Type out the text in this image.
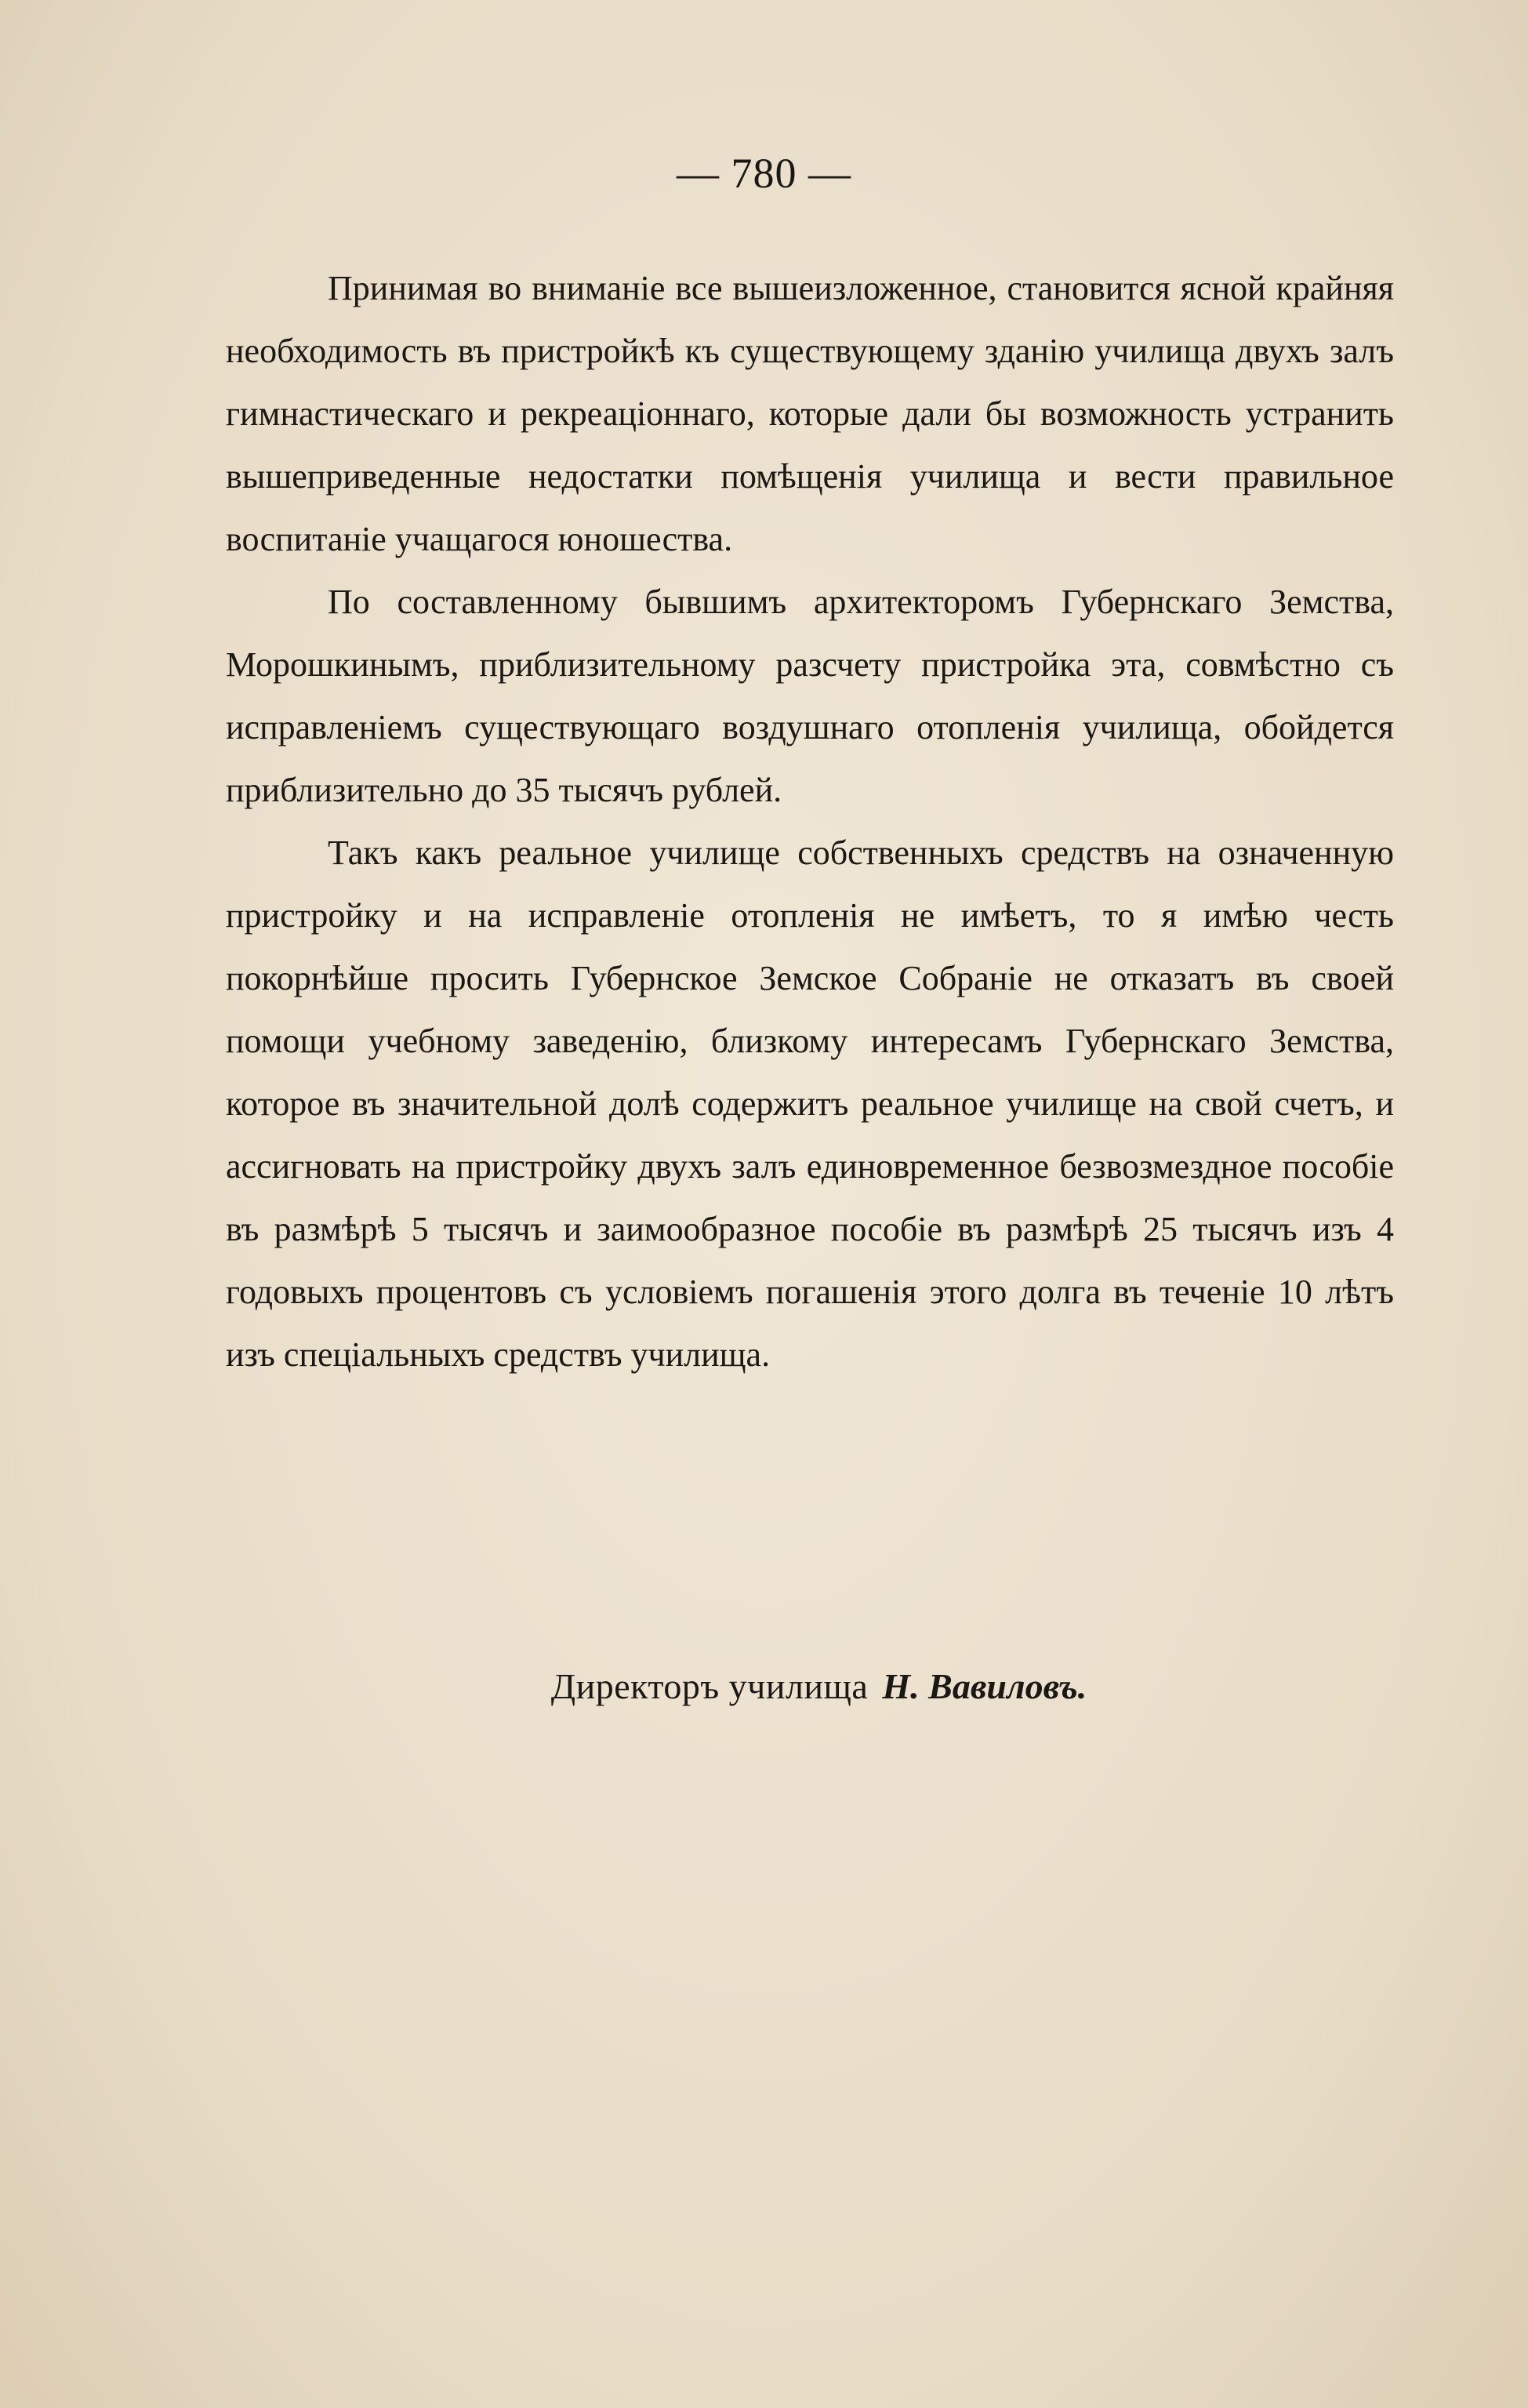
— 780 —

Принимая во вниманіе все вышеизложенное, становится ясной крайняя необходимость въ пристройкѣ къ существующему зданію училища двухъ залъ гимнастическаго и рекреаціоннаго, которые дали бы возможность устранить вышеприведенные недостатки помѣщенія училища и вести правильное воспитаніе учащагося юношества.

По составленному бывшимъ архитекторомъ Губернскаго Земства, Морошкинымъ, приблизительному разсчету пристройка эта, совмѣстно съ исправленіемъ существующаго воздушнаго отопленія училища, обойдется приблизительно до 35 тысячъ рублей.

Такъ какъ реальное училище собственныхъ средствъ на означенную пристройку и на исправленіе отопленія не имѣетъ, то я имѣю честь покорнѣйше просить Губернское Земское Собраніе не отказатъ въ своей помощи учебному заведенію, близкому интересамъ Губернскаго Земства, которое въ значительной долѣ содержитъ реальное училище на свой счетъ, и ассигновать на пристройку двухъ залъ единовременное безвозмездное пособіе въ размѣрѣ 5 тысячъ и заимообразное пособіе въ размѣрѣ 25 тысячъ изъ 4 годовыхъ процентовъ съ условіемъ погашенія этого долга въ теченіе 10 лѣтъ изъ спеціальныхъ средствъ училища.

Директоръ училища Н. Вавиловъ.
